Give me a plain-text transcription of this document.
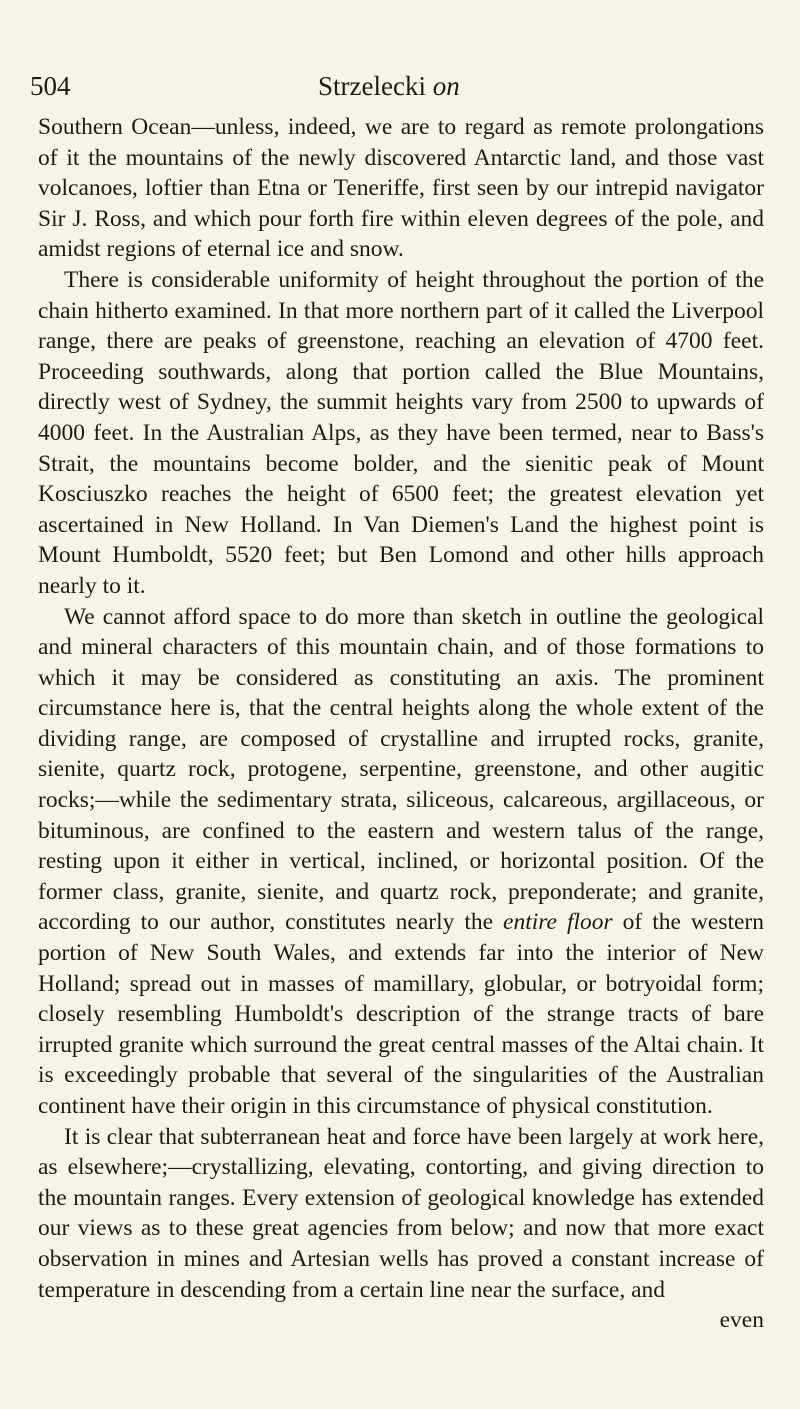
504	Strzelecki on

Southern Ocean—unless, indeed, we are to regard as remote prolongations of it the mountains of the newly discovered Antarctic land, and those vast volcanoes, loftier than Etna or Teneriffe, first seen by our intrepid navigator Sir J. Ross, and which pour forth fire within eleven degrees of the pole, and amidst regions of eternal ice and snow.

There is considerable uniformity of height throughout the portion of the chain hitherto examined. In that more northern part of it called the Liverpool range, there are peaks of greenstone, reaching an elevation of 4700 feet. Proceeding southwards, along that portion called the Blue Mountains, directly west of Sydney, the summit heights vary from 2500 to upwards of 4000 feet. In the Australian Alps, as they have been termed, near to Bass's Strait, the mountains become bolder, and the sienitic peak of Mount Kosciuszko reaches the height of 6500 feet; the greatest elevation yet ascertained in New Holland. In Van Diemen's Land the highest point is Mount Humboldt, 5520 feet; but Ben Lomond and other hills approach nearly to it.

We cannot afford space to do more than sketch in outline the geological and mineral characters of this mountain chain, and of those formations to which it may be considered as constituting an axis. The prominent circumstance here is, that the central heights along the whole extent of the dividing range, are composed of crystalline and irrupted rocks, granite, sienite, quartz rock, protogene, serpentine, greenstone, and other augitic rocks;—while the sedimentary strata, siliceous, calcareous, argillaceous, or bituminous, are confined to the eastern and western talus of the range, resting upon it either in vertical, inclined, or horizontal position. Of the former class, granite, sienite, and quartz rock, preponderate; and granite, according to our author, constitutes nearly the entire floor of the western portion of New South Wales, and extends far into the interior of New Holland; spread out in masses of mamillary, globular, or botryoidal form; closely resembling Humboldt's description of the strange tracts of bare irrupted granite which surround the great central masses of the Altai chain. It is exceedingly probable that several of the singularities of the Australian continent have their origin in this circumstance of physical constitution.

It is clear that subterranean heat and force have been largely at work here, as elsewhere;—crystallizing, elevating, contorting, and giving direction to the mountain ranges. Every extension of geological knowledge has extended our views as to these great agencies from below; and now that more exact observation in mines and Artesian wells has proved a constant increase of temperature in descending from a certain line near the surface, and

even
